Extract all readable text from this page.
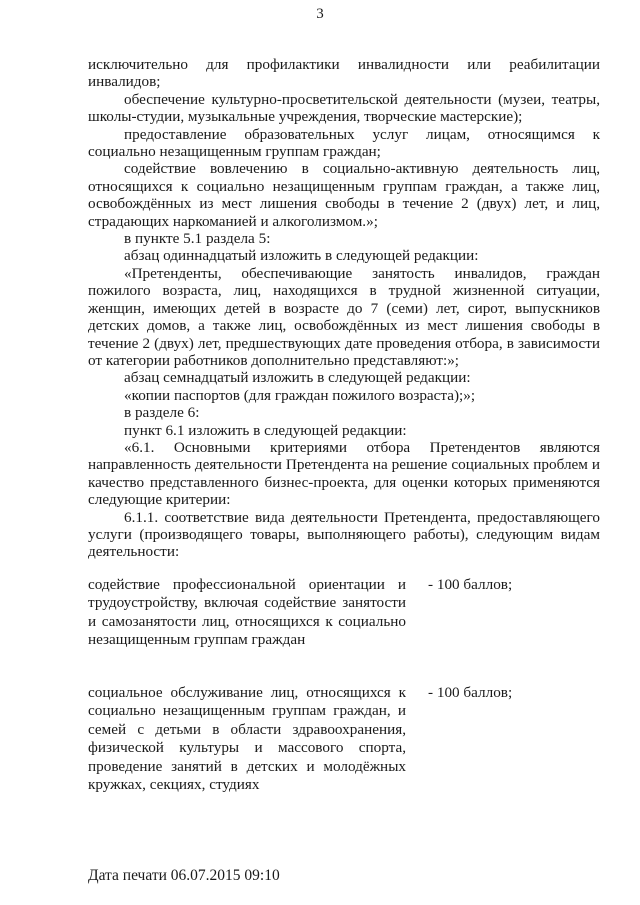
3

исключительно для профилактики инвалидности или реабилитации инвалидов;

обеспечение культурно-просветительской деятельности (музеи, театры, школы-студии, музыкальные учреждения, творческие мастерские);

предоставление образовательных услуг лицам, относящимся к социально незащищенным группам граждан;

содействие вовлечению в социально-активную деятельность лиц, относящихся к социально незащищенным группам граждан, а также лиц, освобождённых из мест лишения свободы в течение 2 (двух) лет, и лиц, страдающих наркоманией и алкоголизмом.»;

в пункте 5.1 раздела 5:

абзац одиннадцатый изложить в следующей редакции:

«Претенденты, обеспечивающие занятость инвалидов, граждан пожилого возраста, лиц, находящихся в трудной жизненной ситуации, женщин, имеющих детей в возрасте до 7 (семи) лет, сирот, выпускников детских домов, а также лиц, освобождённых из мест лишения свободы в течение 2 (двух) лет, предшествующих дате проведения отбора, в зависимости от категории работников дополнительно представляют:»;

абзац семнадцатый изложить в следующей редакции:

«копии паспортов (для граждан пожилого возраста);»;

в разделе 6:

пункт 6.1 изложить в следующей редакции:

«6.1. Основными критериями отбора Претендентов являются направленность деятельности Претендента на решение социальных проблем и качество представленного бизнес-проекта, для оценки которых применяются следующие критерии:

6.1.1. соответствие вида деятельности Претендента, предоставляющего услуги (производящего товары, выполняющего работы), следующим видам деятельности:

содействие профессиональной ориентации и трудоустройству, включая содействие занятости и самозанятости лиц, относящихся к социально незащищенным группам граждан
- 100 баллов;
социальное обслуживание лиц, относящихся к социально незащищенным группам граждан, и семей с детьми в области здравоохранения, физической культуры и массового спорта, проведение занятий в детских и молодёжных кружках, секциях, студиях
- 100 баллов;
Дата печати 06.07.2015 09:10
